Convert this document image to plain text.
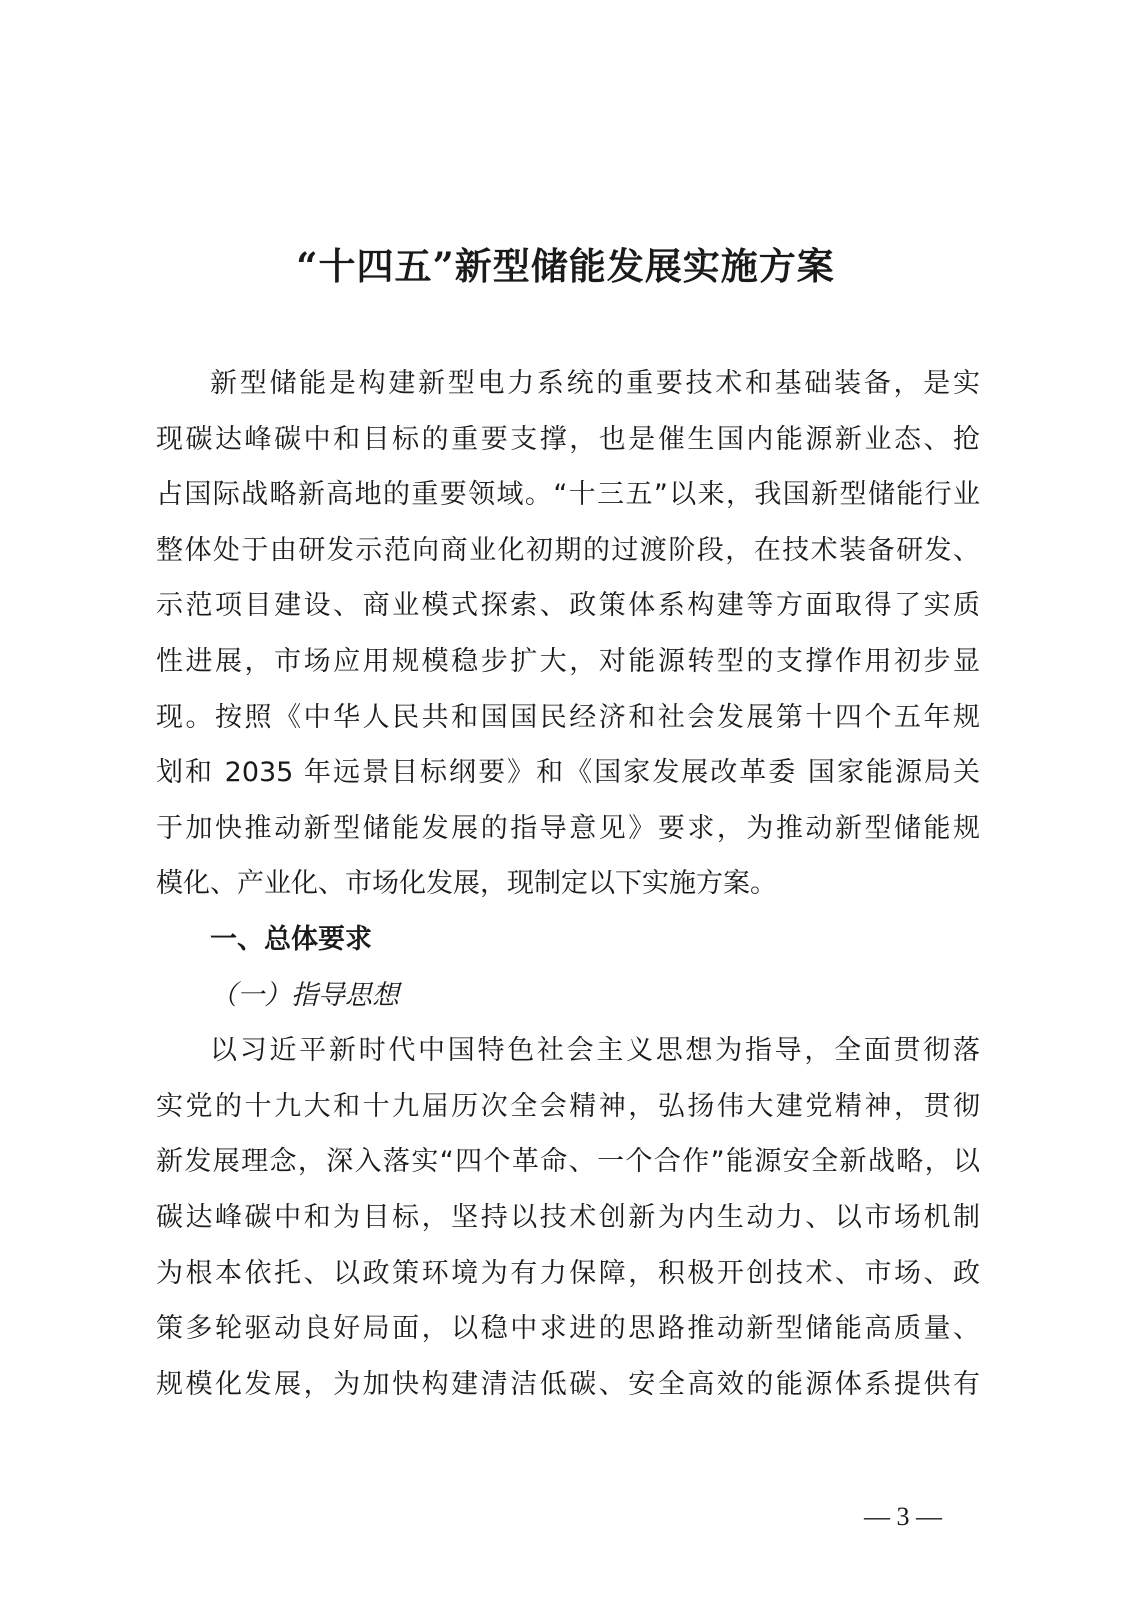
“十四五”新型储能发展实施方案
新型储能是构建新型电力系统的重要技术和基础装备，是实
现碳达峰碳中和目标的重要支撑，也是催生国内能源新业态、抢
占国际战略新高地的重要领域。“十三五”以来，我国新型储能行业
整体处于由研发示范向商业化初期的过渡阶段，在技术装备研发、
示范项目建设、商业模式探索、政策体系构建等方面取得了实质
性进展，市场应用规模稳步扩大，对能源转型的支撑作用初步显
现。按照《中华人民共和国国民经济和社会发展第十四个五年规
划和 2035 年远景目标纲要》和《国家发展改革委 国家能源局关
于加快推动新型储能发展的指导意见》要求，为推动新型储能规
模化、产业化、市场化发展，现制定以下实施方案。
一、总体要求
（一）指导思想
以习近平新时代中国特色社会主义思想为指导，全面贯彻落
实党的十九大和十九届历次全会精神，弘扬伟大建党精神，贯彻
新发展理念，深入落实“四个革命、一个合作”能源安全新战略，以
碳达峰碳中和为目标，坚持以技术创新为内生动力、以市场机制
为根本依托、以政策环境为有力保障，积极开创技术、市场、政
策多轮驱动良好局面，以稳中求进的思路推动新型储能高质量、
规模化发展，为加快构建清洁低碳、安全高效的能源体系提供有
— 3 —
